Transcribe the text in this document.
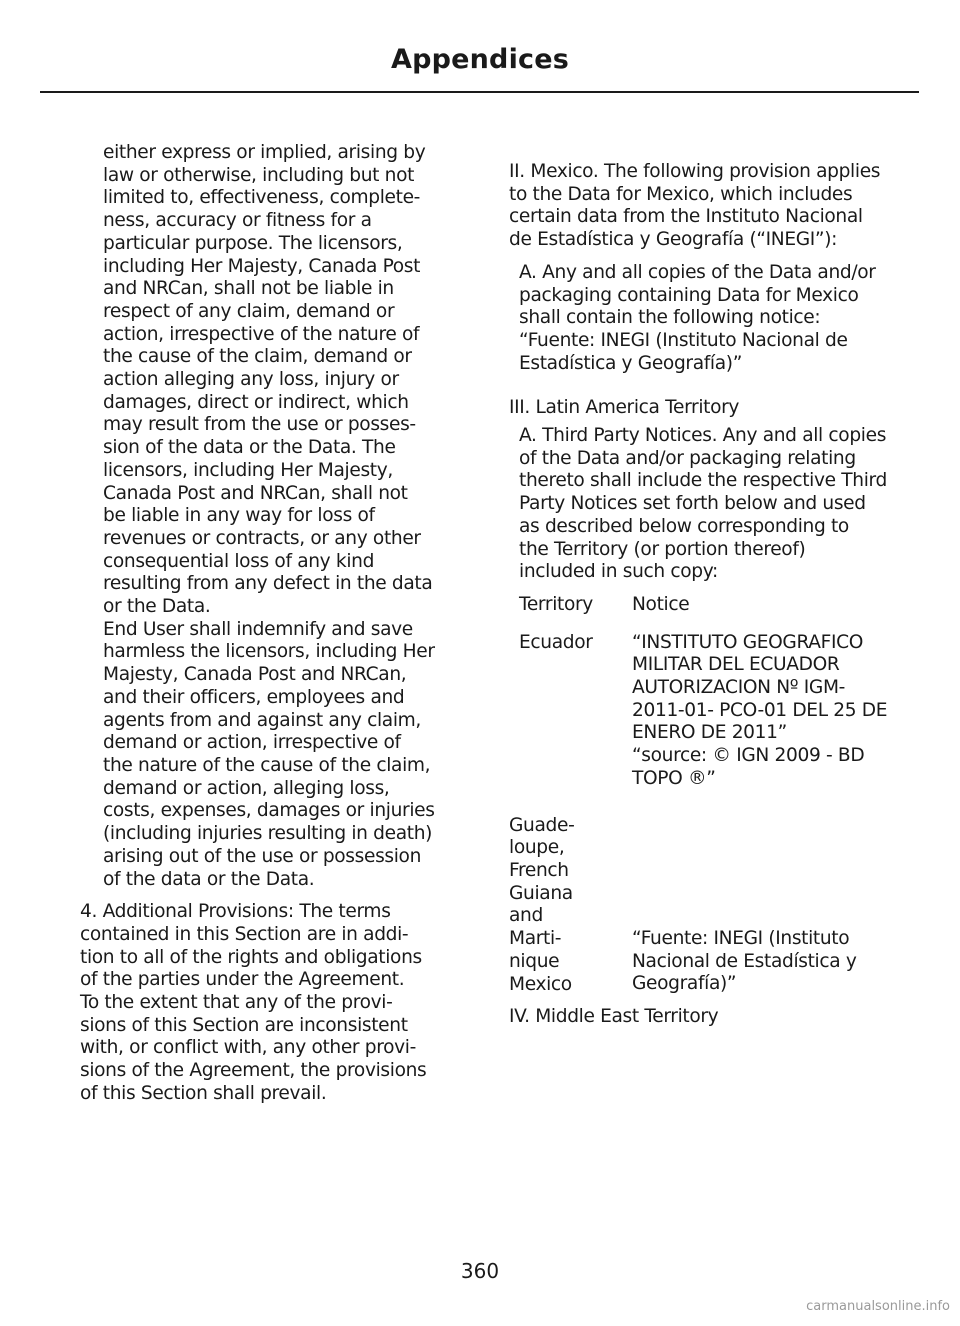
Appendices

either express or implied, arising by
law or otherwise, including but not
limited to, effectiveness, complete-
ness, accuracy or fitness for a
particular purpose. The licensors,
including Her Majesty, Canada Post
and NRCan, shall not be liable in
respect of any claim, demand or
action, irrespective of the nature of
the cause of the claim, demand or
action alleging any loss, injury or
damages, direct or indirect, which
may result from the use or posses-
sion of the data or the Data. The
licensors, including Her Majesty,
Canada Post and NRCan, shall not
be liable in any way for loss of
revenues or contracts, or any other
consequential loss of any kind
resulting from any defect in the data
or the Data.

End User shall indemnify and save
harmless the licensors, including Her
Majesty, Canada Post and NRCan,
and their officers, employees and
agents from and against any claim,
demand or action, irrespective of
the nature of the cause of the claim,
demand or action, alleging loss,
costs, expenses, damages or injuries
(including injuries resulting in death)
arising out of the use or possession
of the data or the Data.

4. Additional Provisions: The terms
contained in this Section are in addi-
tion to all of the rights and obligations
of the parties under the Agreement.
To the extent that any of the provi-
sions of this Section are inconsistent
with, or conflict with, any other provi-
sions of the Agreement, the provisions
of this Section shall prevail.

II. Mexico. The following provision applies
to the Data for Mexico, which includes
certain data from the Instituto Nacional
de Estadística y Geografía (“INEGI”):

A. Any and all copies of the Data and/or
packaging containing Data for Mexico
shall contain the following notice:
“Fuente: INEGI (Instituto Nacional de
Estadística y Geografía)”

III. Latin America Territory

A. Third Party Notices. Any and all copies
of the Data and/or packaging relating
thereto shall include the respective Third
Party Notices set forth below and used
as described below corresponding to
the Territory (or portion thereof)
included in such copy:

Territory	Notice
Ecuador	“INSTITUTO GEOGRAFICO
MILITAR DEL ECUADOR
AUTORIZACION Nº IGM-
2011-01- PCO-01 DEL 25 DE
ENERO DE 2011”
“source: © IGN 2009 - BD
TOPO ®”
Guade-
loupe,
French
Guiana
and
Marti-
nique
Mexico
“Fuente: INEGI (Instituto
Nacional de Estadística y
Geografía)”

IV. Middle East Territory

360
carmanualsonline.info
